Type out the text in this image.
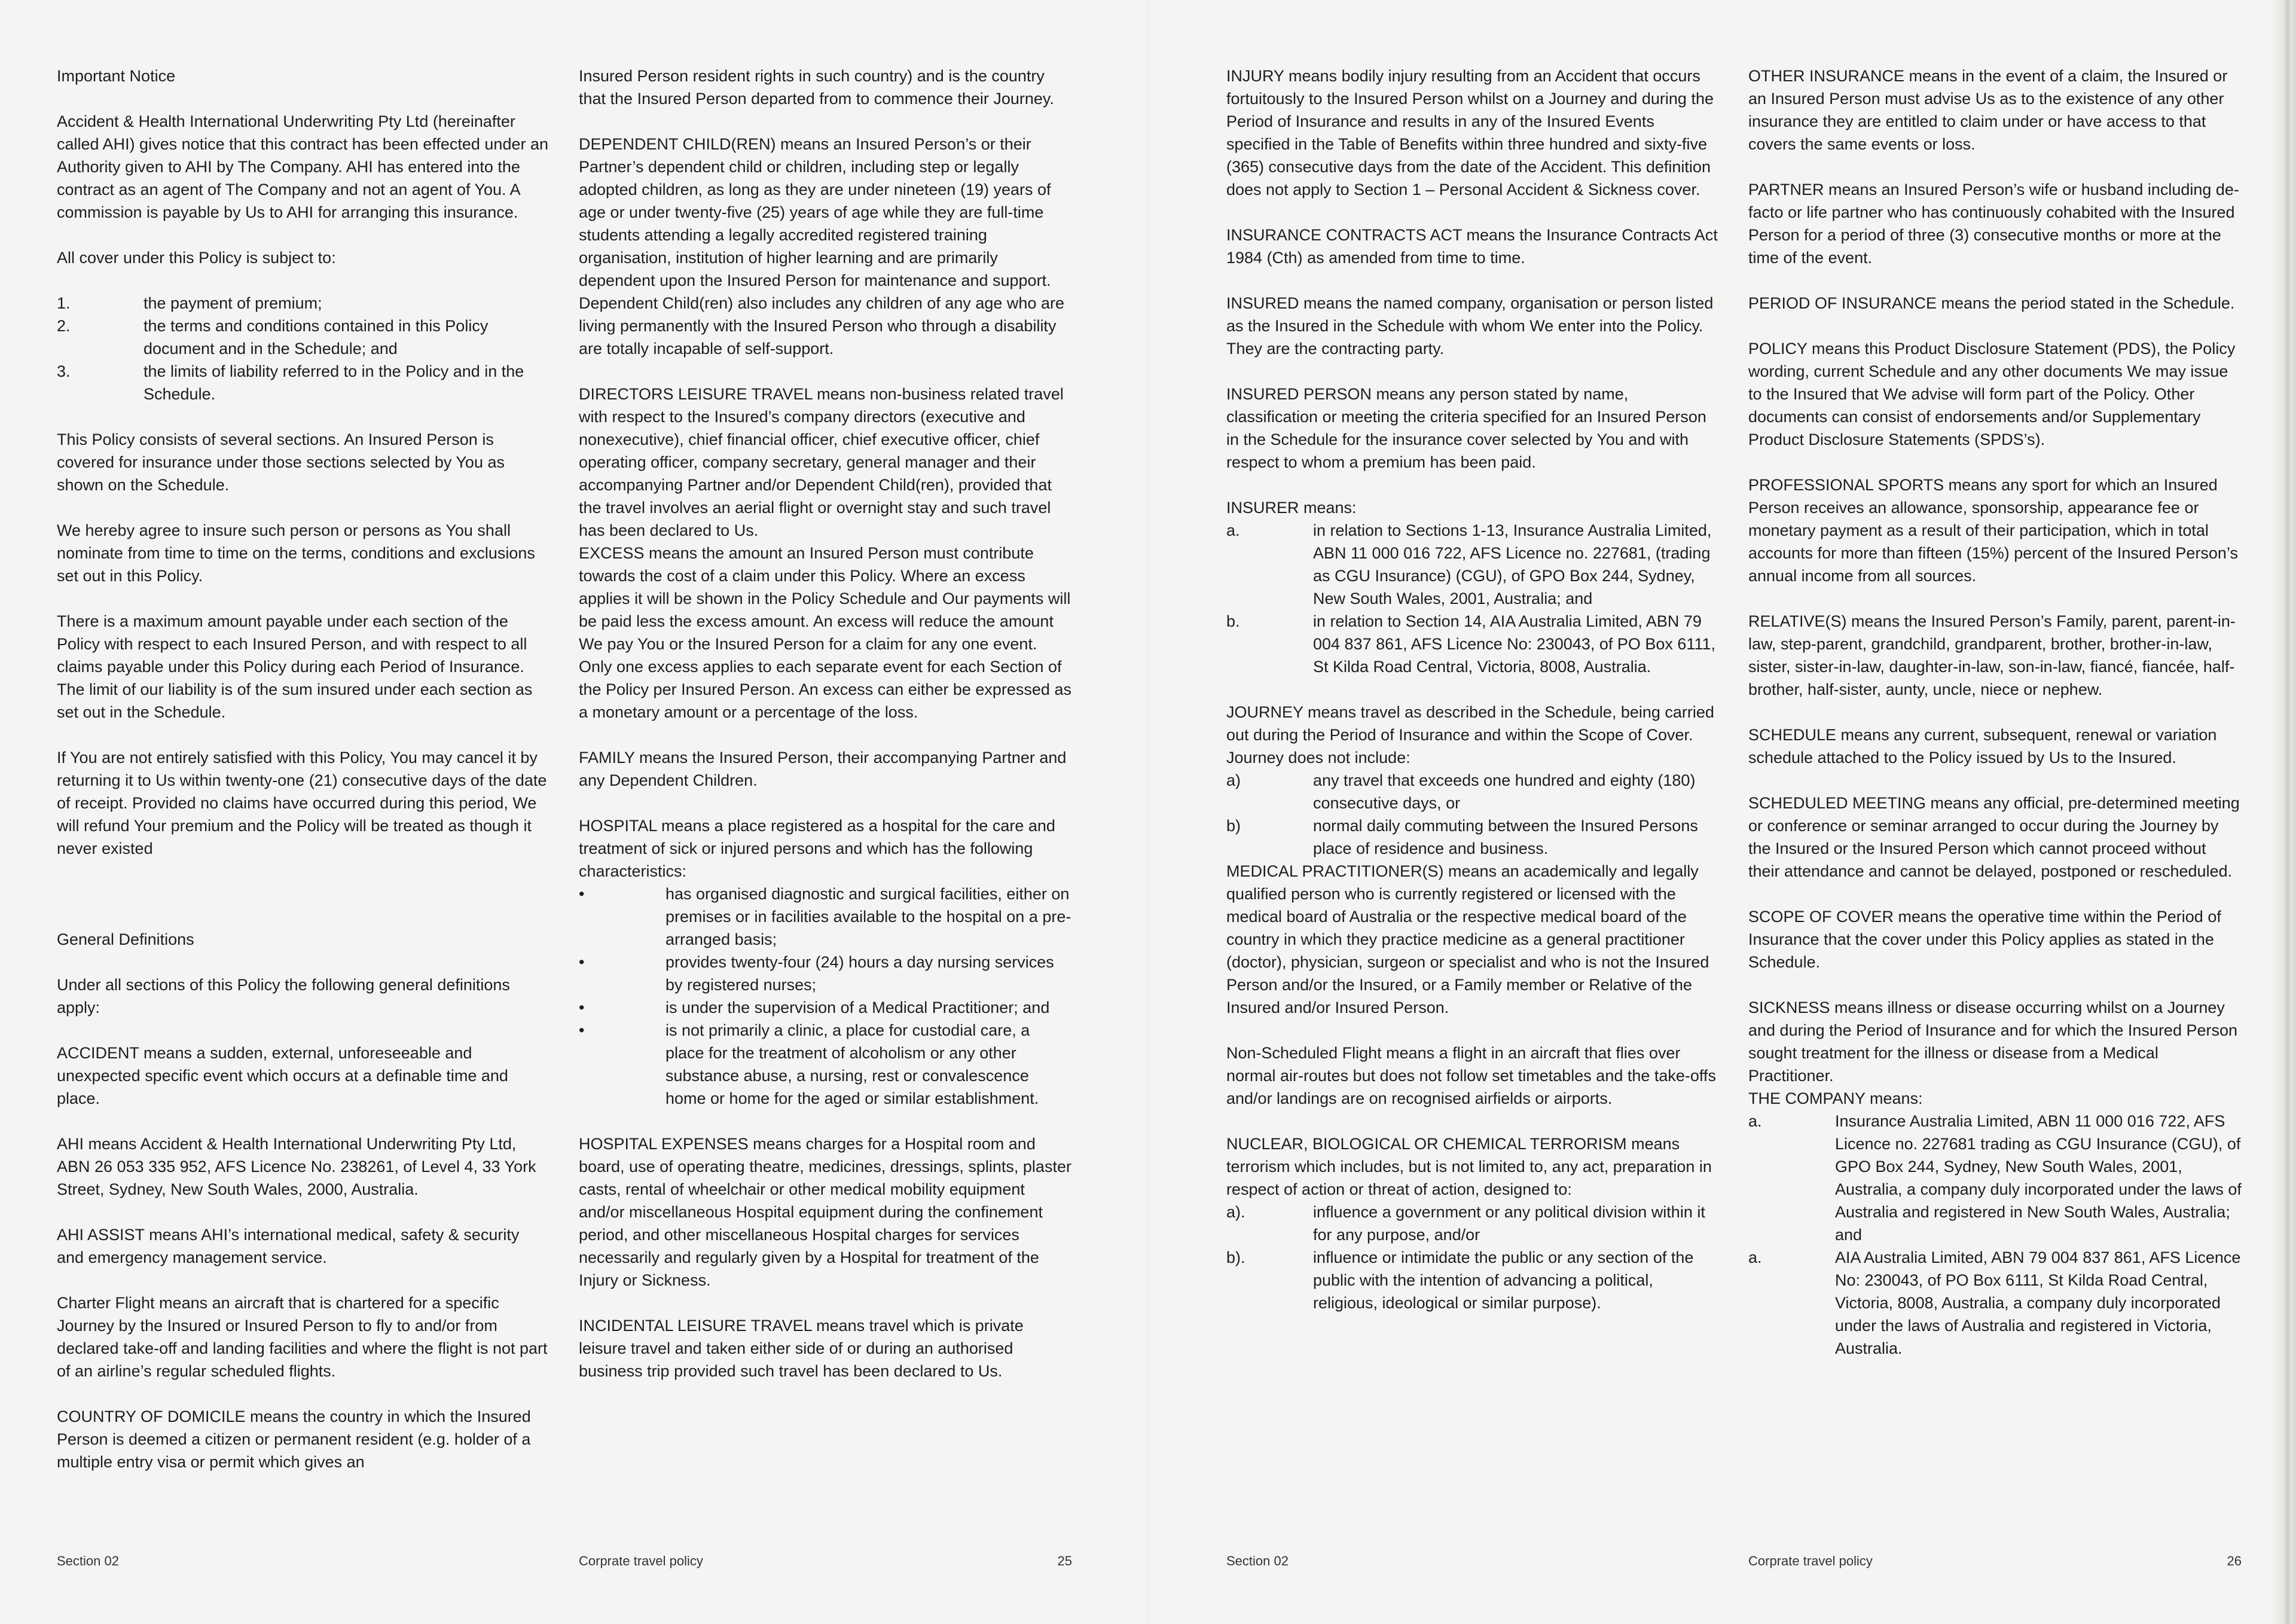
Important Notice

Accident & Health International Underwriting Pty Ltd (hereinafter called AHI) gives notice that this contract has been effected under an Authority given to AHI by The Company. AHI has entered into the contract as an agent of The Company and not an agent of You. A commission is payable by Us to AHI for arranging this insurance.

All cover under this Policy is subject to:

1.	the payment of premium;
2.	the terms and conditions contained in this Policy document and in the Schedule; and
3.	the limits of liability referred to in the Policy and in the Schedule.

This Policy consists of several sections. An Insured Person is covered for insurance under those sections selected by You as shown on the Schedule.

We hereby agree to insure such person or persons as You shall nominate from time to time on the terms, conditions and exclusions set out in this Policy.

There is a maximum amount payable under each section of the Policy with respect to each Insured Person, and with respect to all claims payable under this Policy during each Period of Insurance. The limit of our liability is of the sum insured under each section as set out in the Schedule.

If You are not entirely satisfied with this Policy, You may cancel it by returning it to Us within twenty-one (21) consecutive days of the date of receipt. Provided no claims have occurred during this period, We will refund Your premium and the Policy will be treated as though it never existed

General Definitions

Under all sections of this Policy the following general definitions apply:

ACCIDENT means a sudden, external, unforeseeable and unexpected specific event which occurs at a definable time and place.

AHI means Accident & Health International Underwriting Pty Ltd, ABN 26 053 335 952, AFS Licence No. 238261, of Level 4, 33 York Street, Sydney, New South Wales, 2000, Australia.

AHI ASSIST means AHI’s international medical, safety & security and emergency management service.

Charter Flight means an aircraft that is chartered for a specific Journey by the Insured or Insured Person to fly to and/or from declared take-off and landing facilities and where the flight is not part of an airline’s regular scheduled flights.

COUNTRY OF DOMICILE means the country in which the Insured Person is deemed a citizen or permanent resident (e.g. holder of a multiple entry visa or permit which gives an

Insured Person resident rights in such country) and is the country that the Insured Person departed from to commence their Journey.

DEPENDENT CHILD(REN) means an Insured Person’s or their Partner’s dependent child or children, including step or legally adopted children, as long as they are under nineteen (19) years of age or under twenty-five (25) years of age while they are full-time students attending a legally accredited registered training organisation, institution of higher learning and are primarily dependent upon the Insured Person for maintenance and support. Dependent Child(ren) also includes any children of any age who are living permanently with the Insured Person who through a disability are totally incapable of self-support.

DIRECTORS LEISURE TRAVEL means non-business related travel with respect to the Insured’s company directors (executive and nonexecutive), chief financial officer, chief executive officer, chief operating officer, company secretary, general manager and their accompanying Partner and/or Dependent Child(ren), provided that the travel involves an aerial flight or overnight stay and such travel has been declared to Us.

EXCESS means the amount an Insured Person must contribute towards the cost of a claim under this Policy. Where an excess applies it will be shown in the Policy Schedule and Our payments will be paid less the excess amount. An excess will reduce the amount We pay You or the Insured Person for a claim for any one event. Only one excess applies to each separate event for each Section of the Policy per Insured Person. An excess can either be expressed as a monetary amount or a percentage of the loss.

FAMILY means the Insured Person, their accompanying Partner and any Dependent Children.

HOSPITAL means a place registered as a hospital for the care and treatment of sick or injured persons and which has the following characteristics:

•	has organised diagnostic and surgical facilities, either on premises or in facilities available to the hospital on a pre-arranged basis;
•	provides twenty-four (24) hours a day nursing services by registered nurses;
•	is under the supervision of a Medical Practitioner; and
•	is not primarily a clinic, a place for custodial care, a place for the treatment of alcoholism or any other substance abuse, a nursing, rest or convalescence home or home for the aged or similar establishment.

HOSPITAL EXPENSES means charges for a Hospital room and board, use of operating theatre, medicines, dressings, splints, plaster casts, rental of wheelchair or other medical mobility equipment and/or miscellaneous Hospital equipment during the confinement period, and other miscellaneous Hospital charges for services necessarily and regularly given by a Hospital for treatment of the Injury or Sickness.

INCIDENTAL LEISURE TRAVEL means travel which is private leisure travel and taken either side of or during an authorised business trip provided such travel has been declared to Us.

Section 02	Corprate travel policy	25

INJURY means bodily injury resulting from an Accident that occurs fortuitously to the Insured Person whilst on a Journey and during the Period of Insurance and results in any of the Insured Events specified in the Table of Benefits within three hundred and sixty-five (365) consecutive days from the date of the Accident. This definition does not apply to Section 1 – Personal Accident & Sickness cover.

INSURANCE CONTRACTS ACT means the Insurance Contracts Act 1984 (Cth) as amended from time to time.

INSURED means the named company, organisation or person listed as the Insured in the Schedule with whom We enter into the Policy. They are the contracting party.

INSURED PERSON means any person stated by name, classification or meeting the criteria specified for an Insured Person in the Schedule for the insurance cover selected by You and with respect to whom a premium has been paid.

INSURER means:

a.	in relation to Sections 1-13, Insurance Australia Limited, ABN 11 000 016 722, AFS Licence no. 227681, (trading as CGU Insurance) (CGU), of GPO Box 244, Sydney, New South Wales, 2001, Australia; and
b.	in relation to Section 14, AIA Australia Limited, ABN 79 004 837 861, AFS Licence No: 230043, of PO Box 6111, St Kilda Road Central, Victoria, 8008, Australia.

JOURNEY means travel as described in the Schedule, being carried out during the Period of Insurance and within the Scope of Cover. Journey does not include:

a)	any travel that exceeds one hundred and eighty (180) consecutive days, or
b)	normal daily commuting between the Insured Persons place of residence and business.

MEDICAL PRACTITIONER(S) means an academically and legally qualified person who is currently registered or licensed with the medical board of Australia or the respective medical board of the country in which they practice medicine as a general practitioner (doctor), physician, surgeon or specialist and who is not the Insured Person and/or the Insured, or a Family member or Relative of the Insured and/or Insured Person.

Non-Scheduled Flight means a flight in an aircraft that flies over normal air-routes but does not follow set timetables and the take-offs and/or landings are on recognised airfields or airports.

NUCLEAR, BIOLOGICAL OR CHEMICAL TERRORISM means terrorism which includes, but is not limited to, any act, preparation in respect of action or threat of action, designed to:

a).	influence a government or any political division within it for any purpose, and/or
b).	influence or intimidate the public or any section of the public with the intention of advancing a political, religious, ideological or similar purpose).

OTHER INSURANCE means in the event of a claim, the Insured or an Insured Person must advise Us as to the existence of any other insurance they are entitled to claim under or have access to that covers the same events or loss.

PARTNER means an Insured Person’s wife or husband including de-facto or life partner who has continuously cohabited with the Insured Person for a period of three (3) consecutive months or more at the time of the event.

PERIOD OF INSURANCE means the period stated in the Schedule.

POLICY means this Product Disclosure Statement (PDS), the Policy wording, current Schedule and any other documents We may issue to the Insured that We advise will form part of the Policy. Other documents can consist of endorsements and/or Supplementary Product Disclosure Statements (SPDS’s).

PROFESSIONAL SPORTS means any sport for which an Insured Person receives an allowance, sponsorship, appearance fee or monetary payment as a result of their participation, which in total accounts for more than fifteen (15%) percent of the Insured Person’s annual income from all sources.

RELATIVE(S) means the Insured Person’s Family, parent, parent-in-law, step-parent, grandchild, grandparent, brother, brother-in-law, sister, sister-in-law, daughter-in-law, son-in-law, fiancé, fiancée, half-brother, half-sister, aunty, uncle, niece or nephew.

SCHEDULE means any current, subsequent, renewal or variation schedule attached to the Policy issued by Us to the Insured.

SCHEDULED MEETING means any official, pre-determined meeting or conference or seminar arranged to occur during the Journey by the Insured or the Insured Person which cannot proceed without their attendance and cannot be delayed, postponed or rescheduled.

SCOPE OF COVER means the operative time within the Period of Insurance that the cover under this Policy applies as stated in the Schedule.

SICKNESS means illness or disease occurring whilst on a Journey and during the Period of Insurance and for which the Insured Person sought treatment for the illness or disease from a Medical Practitioner.

THE COMPANY means:

a.	Insurance Australia Limited, ABN 11 000 016 722, AFS Licence no. 227681 trading as CGU Insurance (CGU), of GPO Box 244, Sydney, New South Wales, 2001, Australia, a company duly incorporated under the laws of Australia and registered in New South Wales, Australia; and
a.	AIA Australia Limited, ABN 79 004 837 861, AFS Licence No: 230043, of PO Box 6111, St Kilda Road Central, Victoria, 8008, Australia, a company duly incorporated under the laws of Australia and registered in Victoria, Australia.
Section 02	Corprate travel policy	26
